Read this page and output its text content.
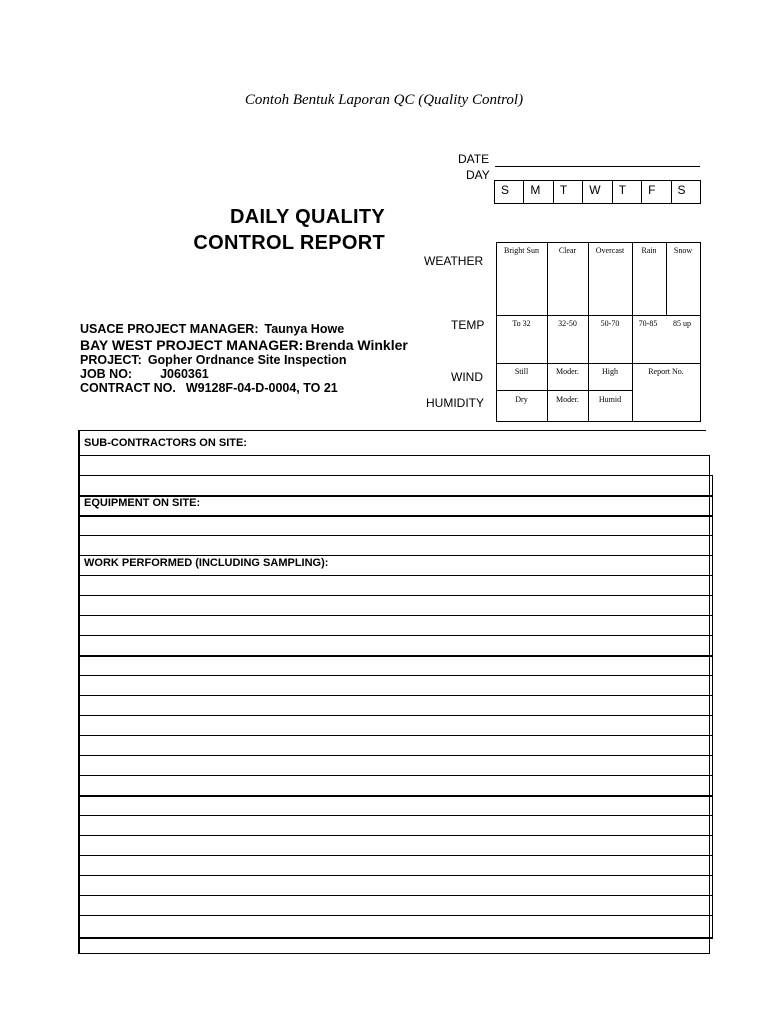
Contoh Bentuk Laporan QC (Quality Control)
DAILY QUALITY
CONTROL REPORT
DATE
DAY
S	M	T	W	T	F	S
WEATHER
TEMP
WIND
HUMIDITY
Bright Sun	Clear	Overcast	Rain	Snow
To 32	32-50	50-70	70-85	85 up
Still	Moder.	High	Report No.
Dry	Moder.	Humid
USACE PROJECT MANAGER: Taunya Howe
BAY WEST PROJECT MANAGER: Brenda Winkler
PROJECT: Gopher Ordnance Site Inspection
JOB NO: J060361
CONTRACT NO. W9128F-04-D-0004, TO 21
SUB-CONTRACTORS ON SITE:
EQUIPMENT ON SITE:
WORK PERFORMED (INCLUDING SAMPLING):
